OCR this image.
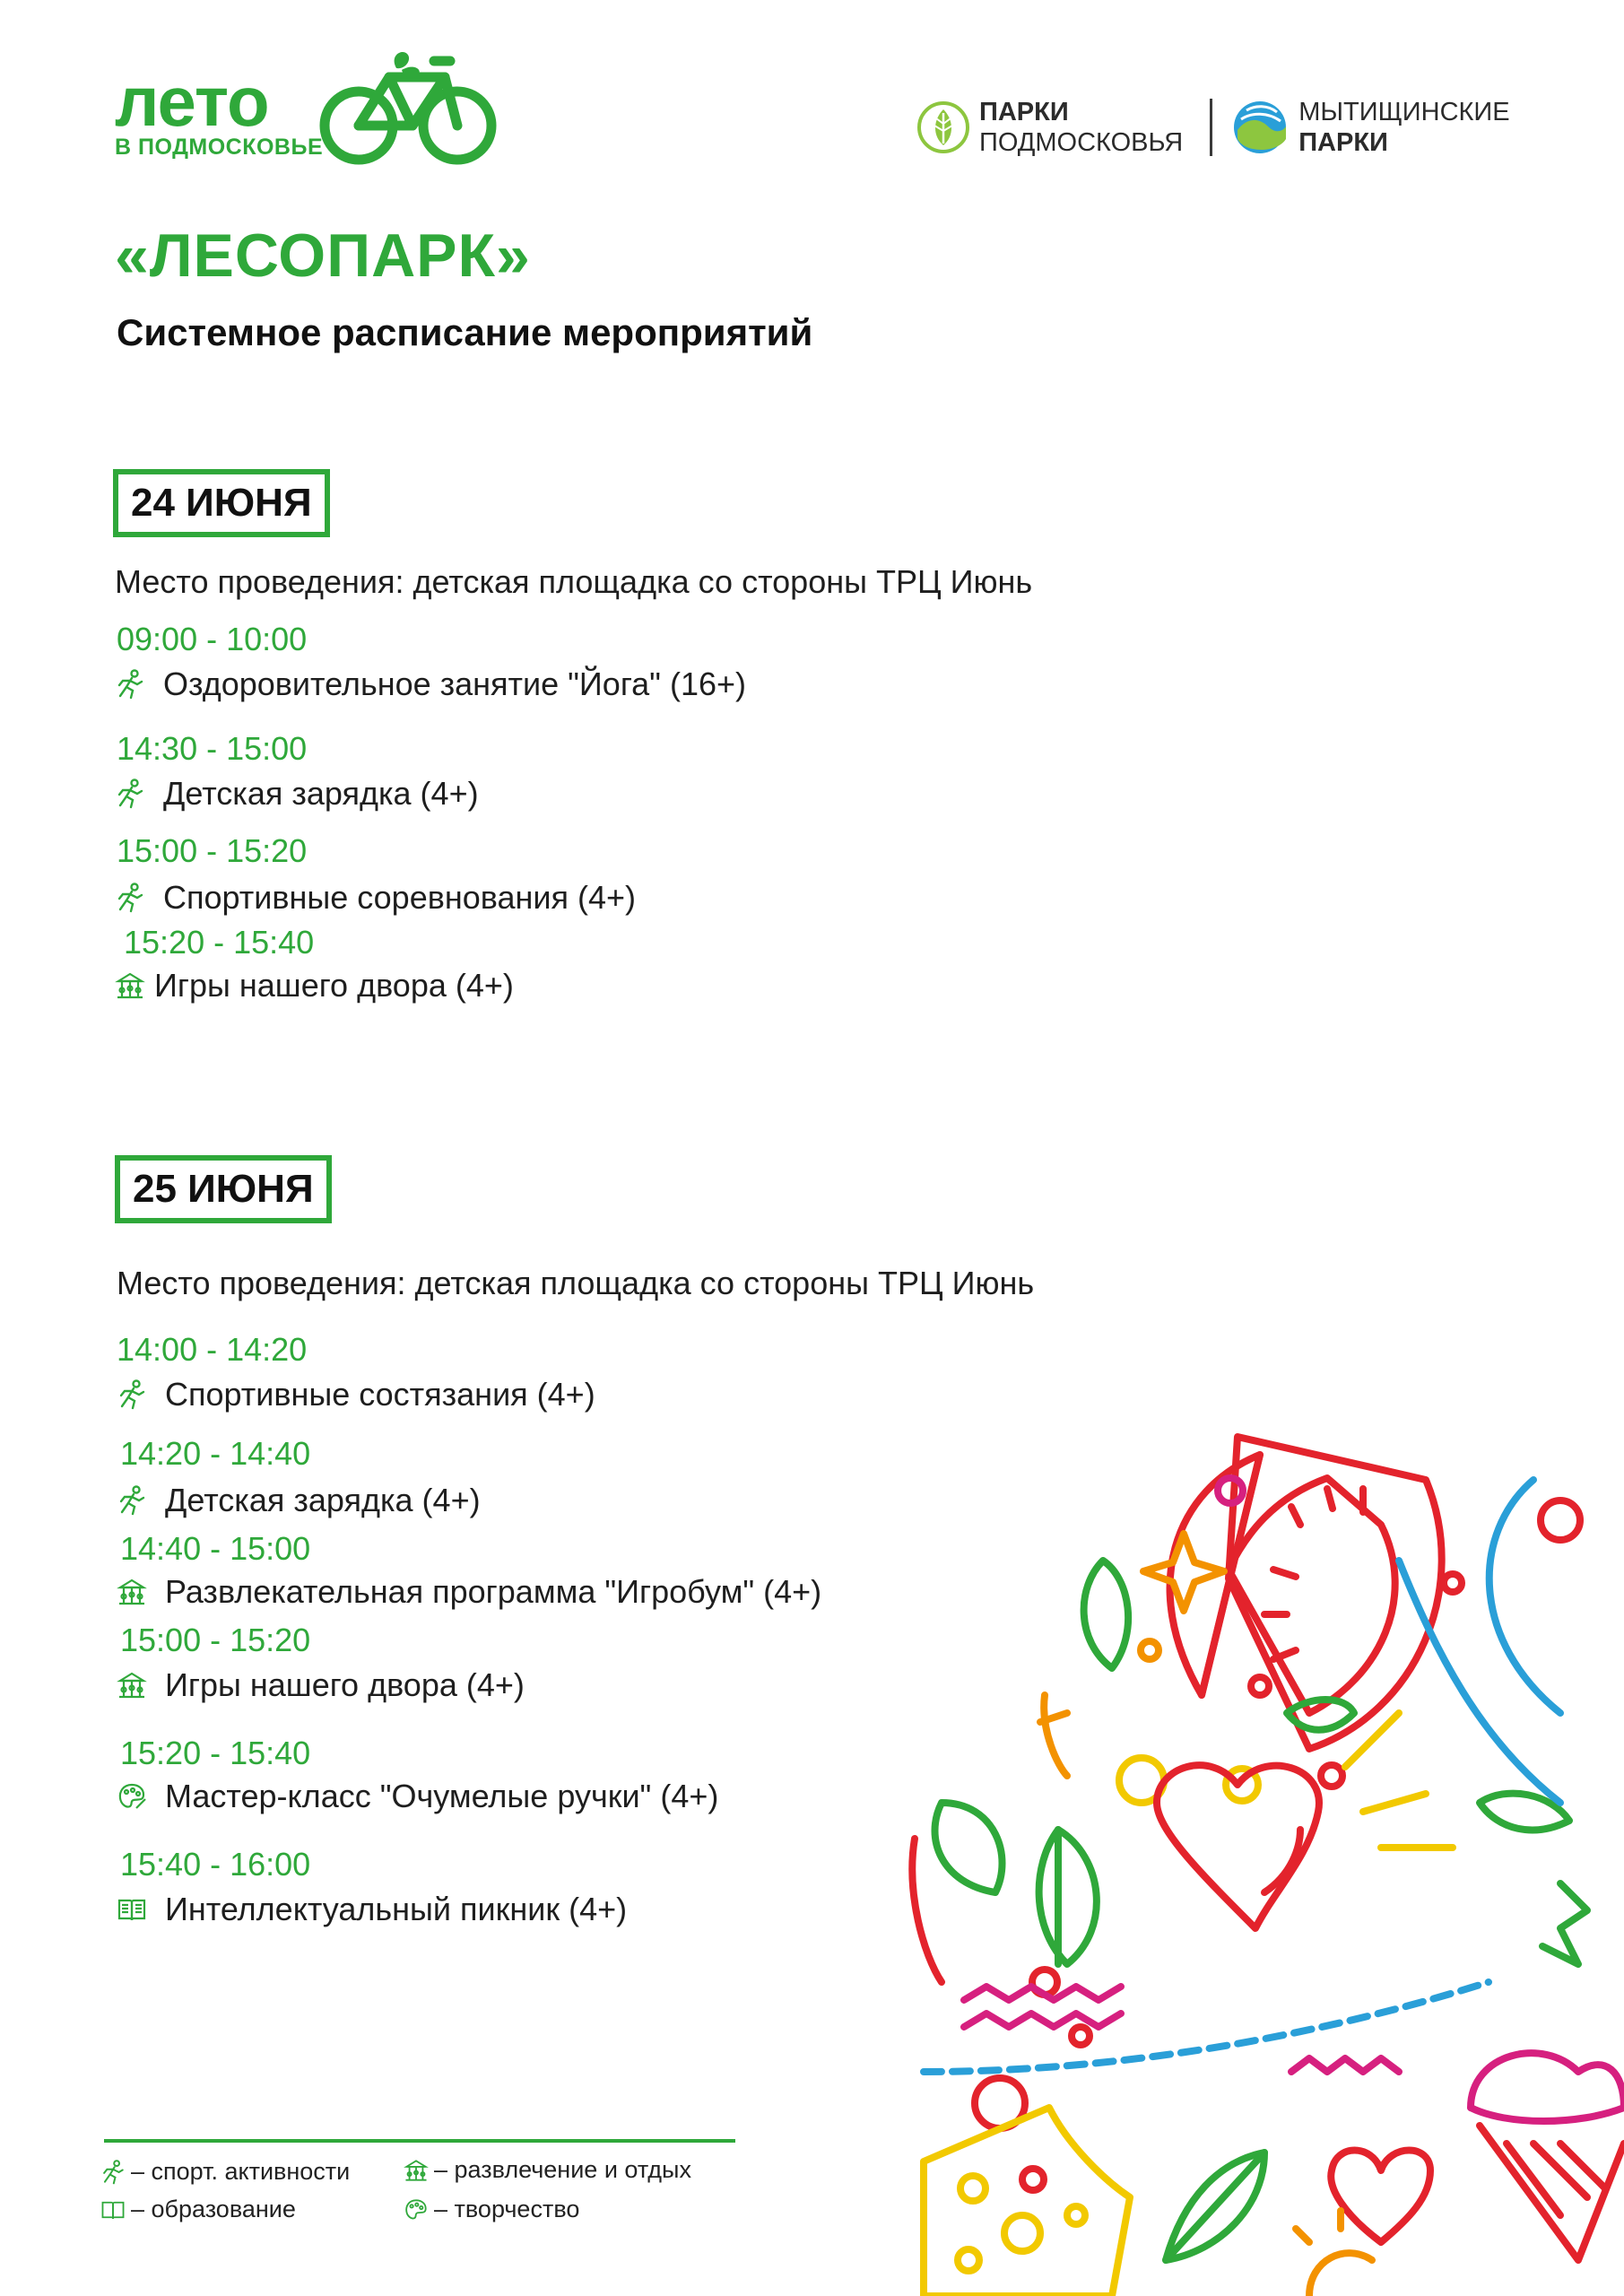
лето
В ПОДМОСКОВЬЕ
ПАРКИ
ПОДМОСКОВЬЯ
МЫТИЩИНСКИЕ
ПАРКИ
«ЛЕСОПАРК»
Системное расписание мероприятий
24 ИЮНЯ
Место проведения: детская площадка со стороны ТРЦ Июнь
09:00 - 10:00
Оздоровительное занятие "Йога" (16+)
14:30 - 15:00
Детская зарядка (4+)
15:00 - 15:20
Спортивные соревнования (4+)
15:20 - 15:40
Игры нашего двора (4+)
25 ИЮНЯ
Место проведения: детская площадка со стороны ТРЦ Июнь
14:00 - 14:20
Спортивные состязания (4+)
14:20 - 14:40
Детская зарядка (4+)
14:40 - 15:00
Развлекательная программа "Игробум" (4+)
15:00 - 15:20
Игры нашего двора (4+)
15:20 - 15:40
Мастер-класс "Очумелые ручки" (4+)
15:40 - 16:00
Интеллектуальный пикник (4+)
– спорт. активности	– развлечение и отдых
– образование	– творчество
